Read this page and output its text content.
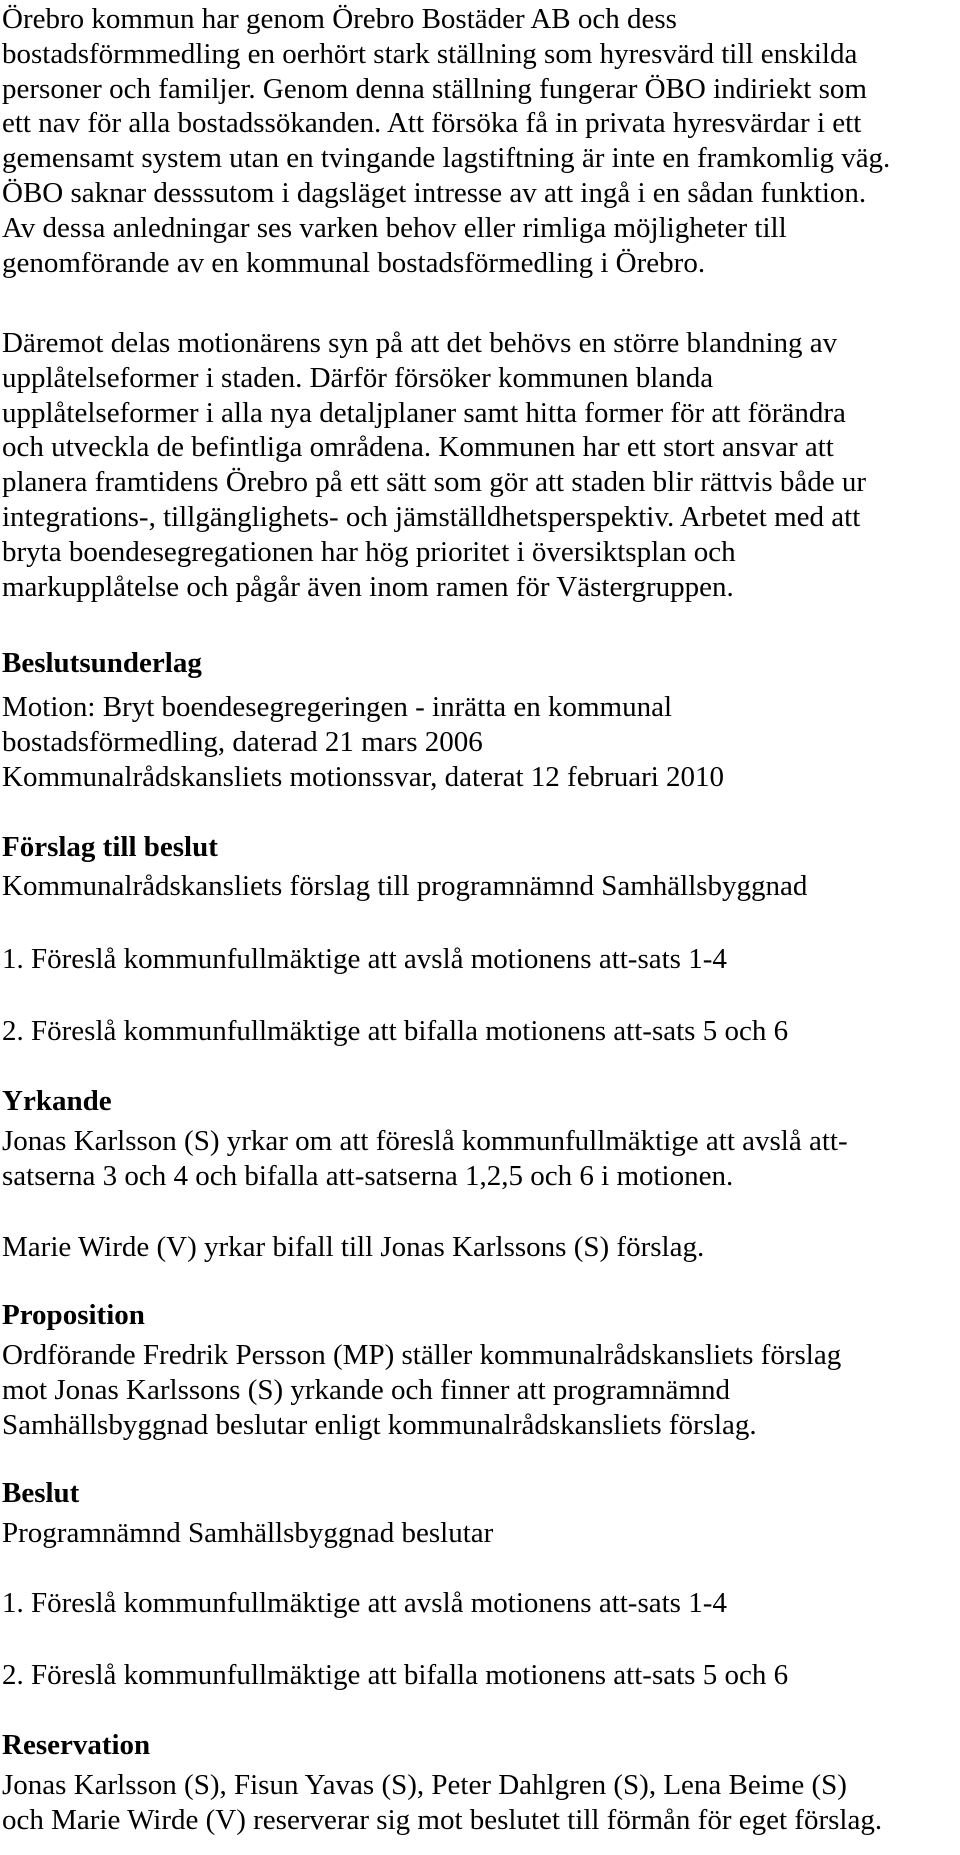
Örebro kommun har genom Örebro Bostäder AB och dess
bostadsförmmedling en oerhört stark ställning som hyresvärd till enskilda
personer och familjer. Genom denna ställning fungerar ÖBO indiriekt som
ett nav för alla bostadssökanden. Att försöka få in privata hyresvärdar i ett
gemensamt system utan en tvingande lagstiftning är inte en framkomlig väg.
ÖBO saknar desssutom i dagsläget intresse av att ingå i en sådan funktion.
Av dessa anledningar ses varken behov eller rimliga möjligheter till
genomförande av en kommunal bostadsförmedling i Örebro.

Däremot delas motionärens syn på att det behövs en större blandning av
upplåtelseformer i staden. Därför försöker kommunen blanda
upplåtelseformer i alla nya detaljplaner samt hitta former för att förändra
och utveckla de befintliga områdena. Kommunen har ett stort ansvar att
planera framtidens Örebro på ett sätt som gör att staden blir rättvis både ur
integrations-, tillgänglighets- och jämställdhetsperspektiv. Arbetet med att
bryta boendesegregationen har hög prioritet i översiktsplan och
markupplåtelse och pågår även inom ramen för Västergruppen.

Beslutsunderlag

Motion: Bryt boendesegregeringen - inrätta en kommunal
bostadsförmedling, daterad 21 mars 2006
Kommunalrådskansliets motionssvar, daterat 12 februari 2010

Förslag till beslut

Kommunalrådskansliets förslag till programnämnd Samhällsbyggnad

1. Föreslå kommunfullmäktige att avslå motionens att-sats 1-4

2. Föreslå kommunfullmäktige att bifalla motionens att-sats 5 och 6

Yrkande

Jonas Karlsson (S) yrkar om att föreslå kommunfullmäktige att avslå att-
satserna 3 och 4 och bifalla att-satserna 1,2,5 och 6 i motionen.

Marie Wirde (V) yrkar bifall till Jonas Karlssons (S) förslag.

Proposition

Ordförande Fredrik Persson (MP) ställer kommunalrådskansliets förslag
mot Jonas Karlssons (S) yrkande och finner att programnämnd
Samhällsbyggnad beslutar enligt kommunalrådskansliets förslag.

Beslut

Programnämnd Samhällsbyggnad beslutar

1. Föreslå kommunfullmäktige att avslå motionens att-sats 1-4

2. Föreslå kommunfullmäktige att bifalla motionens att-sats 5 och 6

Reservation

Jonas Karlsson (S), Fisun Yavas (S), Peter Dahlgren (S), Lena Beime (S)
och Marie Wirde (V) reserverar sig mot beslutet till förmån för eget förslag.
